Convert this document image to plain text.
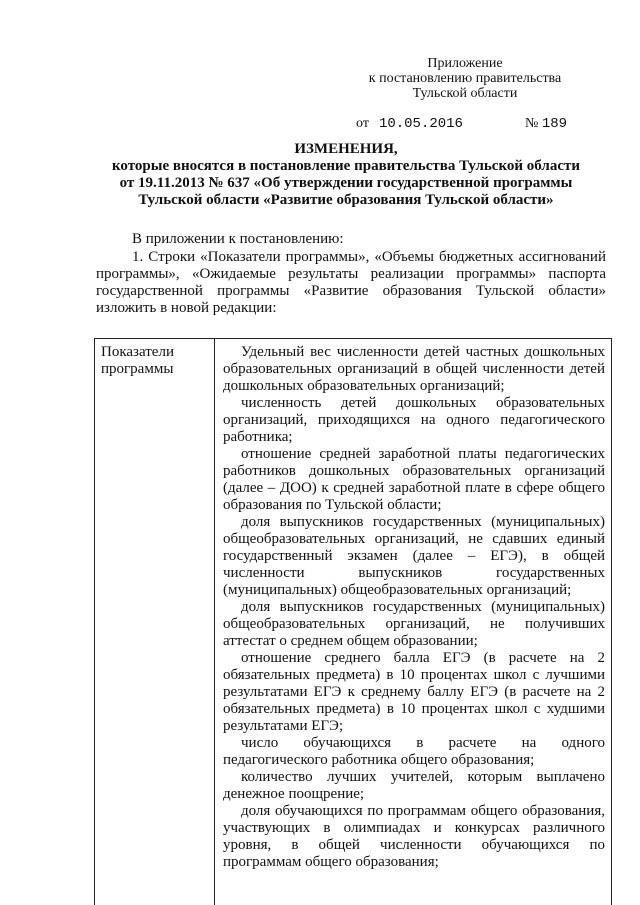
Приложение
к постановлению правительства
Тульской области
от 10.05.2016	№ 189
ИЗМЕНЕНИЯ,
которые вносятся в постановление правительства Тульской области
от 19.11.2013 № 637 «Об утверждении государственной программы
Тульской области «Развитие образования Тульской области»

В приложении к постановлению:

1. Строки «Показатели программы», «Объемы бюджетных ассигнований программы», «Ожидаемые результаты реализации программы» паспорта государственной программы «Развитие образования Тульской области» изложить в новой редакции:

Показатели программы

Удельный вес численности детей частных дошкольных образовательных организаций в общей численности детей дошкольных образовательных организаций;

численность детей дошкольных образовательных организаций, приходящихся на одного педагогического работника;

отношение средней заработной платы педагогических работников дошкольных образовательных организаций (далее – ДОО) к средней заработной плате в сфере общего образования по Тульской области;

доля выпускников государственных (муниципальных) общеобразовательных организаций, не сдавших единый государственный экзамен (далее – ЕГЭ), в общей численности выпускников государственных (муниципальных) общеобразовательных организаций;

доля выпускников государственных (муниципальных) общеобразовательных организаций, не получивших аттестат о среднем общем образовании;

отношение среднего балла ЕГЭ (в расчете на 2 обязательных предмета) в 10 процентах школ с лучшими результатами ЕГЭ к среднему баллу ЕГЭ (в расчете на 2 обязательных предмета) в 10 процентах школ с худшими результатами ЕГЭ;

число обучающихся в расчете на одного педагогического работника общего образования;

количество лучших учителей, которым выплачено денежное поощрение;

доля обучающихся по программам общего образования, участвующих в олимпиадах и конкурсах различного уровня, в общей численности обучающихся по программам общего образования;
